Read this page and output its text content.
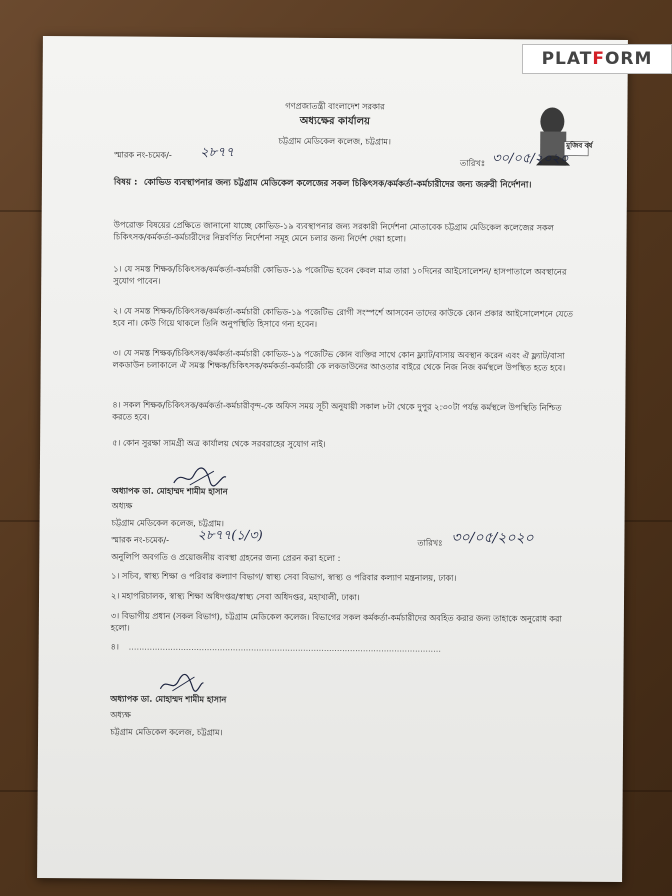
গণপ্রজাতন্ত্রী বাংলাদেশ সরকার
অধ্যক্ষের কার্যালয়
চট্টগ্রাম মেডিকেল কলেজ, চট্টগ্রাম।	মুজিব বর্ষ
স্মারক নং-চমেক/- ২৮৭৭
তারিখঃ ৩০/০৫/২০২০
বিষয় : কোভিড ব্যবস্থাপনার জন্য চট্টগ্রাম মেডিকেল কলেজের সকল চিকিৎসক/কর্মকর্তা-কর্মচারীদের জন্য জরুরী নির্দেশনা।
উপরোক্ত বিষয়ের প্রেক্ষিতে জানানো যাচ্ছে কোভিড-১৯ ব্যবস্থাপনার জন্য সরকারী নির্দেশনা মোতাবেক চট্টগ্রাম মেডিকেল কলেজের সকল চিকিৎসক/কর্মকর্তা-কর্মচারীদের নিম্নবর্ণিত নির্দেশনা সমূহ মেনে চলার জন্য নির্দেশ দেয়া হলো।
১। যে সমস্ত শিক্ষক/চিকিৎসক/কর্মকর্তা-কর্মচারী কোভিড-১৯ পজেটিভ হবেন কেবল মাত্র তারা ১০দিনের আইসোলেশন/ হাসপাতালে অবস্থানের সুযোগ পাবেন।
২। যে সমস্ত শিক্ষক/চিকিৎসক/কর্মকর্তা-কর্মচারী কোভিড-১৯ পজেটিভ রোগী সংস্পর্শে আসবেন তাদের কাউকে কোন প্রকার আইসোলেশনে যেতে হবে না। কেউ গিয়ে থাকলে তিনি অনুপস্থিতি হিসাবে গন্য হবেন।
৩। যে সমস্ত শিক্ষক/চিকিৎসক/কর্মকর্তা-কর্মচারী কোভিড-১৯ পজেটিভ কোন ব্যক্তির সাথে কোন ফ্ল্যাট/বাসায় অবস্থান করেন এবং ঐ ফ্ল্যাট/বাসা লকডাউন চলাকালে ঐ সমস্ত শিক্ষক/চিকিৎসক/কর্মকর্তা-কর্মচারী কে লকডাউনের আওতার বাইরে থেকে নিজ নিজ কর্মস্থলে উপস্থিত হতে হবে।
৪। সকল শিক্ষক/চিকিৎসক/কর্মকর্তা-কর্মচারীবৃন্দ-কে অফিস সময় সূচী অনুযায়ী সকাল ৮টা থেকে দুপুর ২:৩০টা পর্যন্ত কর্মস্থলে উপস্থিতি নিশ্চিত করতে হবে।
৫। কোন সুরক্ষা সামগ্রী অত্র কার্যালয় থেকে সরবরাহের সুযোগ নাই।
অধ্যাপক ডা. মোহাম্মদ শামীম হাসান
অধ্যক্ষ
চট্টগ্রাম মেডিকেল কলেজ, চট্টগ্রাম।
স্মারক নং-চমেক/- ২৮৭৭(১/৩)	তারিখঃ ৩০/০৫/২০২০
অনুলিপি অবগতি ও প্রয়োজনীয় ব্যবস্থা গ্রহনের জন্য প্রেরন করা হলো :
১। সচিব, স্বাস্থ্য শিক্ষা ও পরিবার কল্যাণ বিভাগ/ স্বাস্থ্য সেবা বিভাগ, স্বাস্থ্য ও পরিবার কল্যাণ মন্ত্রনালয়, ঢাকা।
২। মহাপরিচালক, স্বাস্থ্য শিক্ষা অধিদপ্তর/স্বাস্থ্য সেবা অধিদপ্তর, মহাখালী, ঢাকা।
৩। বিভাগীয় প্রধান (সকল বিভাগ), চট্টগ্রাম মেডিকেল কলেজ। বিভাগের সকল কর্মকর্তা-কর্মচারীদের অবহিত করার জন্য তাহাকে অনুরোধ করা হলো।
৪। ........................................................................................................................
অধ্যাপক ডা. মোহাম্মদ শামীম হাসান
অধ্যক্ষ
চট্টগ্রাম মেডিকেল কলেজ, চট্টগ্রাম।
PLAT F ORM
